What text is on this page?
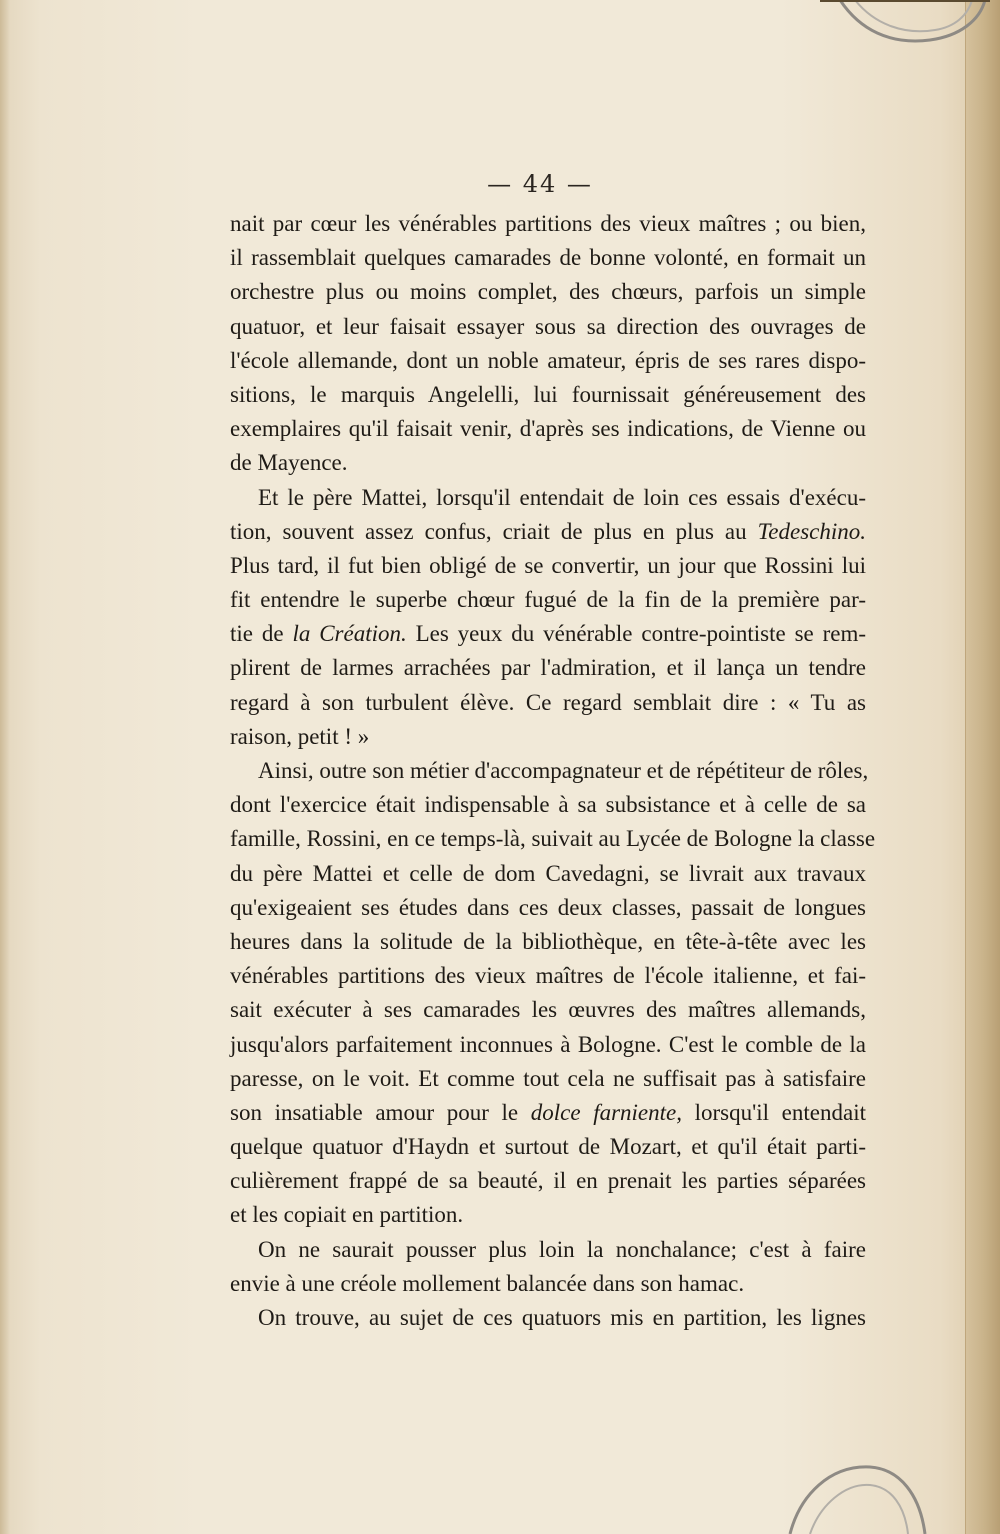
— 44 —

nait par cœur les vénérables partitions des vieux maîtres ; ou bien,
il rassemblait quelques camarades de bonne volonté, en formait un
orchestre plus ou moins complet, des chœurs, parfois un simple
quatuor, et leur faisait essayer sous sa direction des ouvrages de
l'école allemande, dont un noble amateur, épris de ses rares dispo-
sitions, le marquis Angelelli, lui fournissait généreusement des
exemplaires qu'il faisait venir, d'après ses indications, de Vienne ou
de Mayence.

Et le père Mattei, lorsqu'il entendait de loin ces essais d'exécu-
tion, souvent assez confus, criait de plus en plus au Tedeschino.
Plus tard, il fut bien obligé de se convertir, un jour que Rossini lui
fit entendre le superbe chœur fugué de la fin de la première par-
tie de la Création. Les yeux du vénérable contre-pointiste se rem-
plirent de larmes arrachées par l'admiration, et il lança un tendre
regard à son turbulent élève. Ce regard semblait dire : « Tu as
raison, petit ! »

Ainsi, outre son métier d'accompagnateur et de répétiteur de rôles,
dont l'exercice était indispensable à sa subsistance et à celle de sa
famille, Rossini, en ce temps-là, suivait au Lycée de Bologne la classe
du père Mattei et celle de dom Cavedagni, se livrait aux travaux
qu'exigeaient ses études dans ces deux classes, passait de longues
heures dans la solitude de la bibliothèque, en tête-à-tête avec les
vénérables partitions des vieux maîtres de l'école italienne, et fai-
sait exécuter à ses camarades les œuvres des maîtres allemands,
jusqu'alors parfaitement inconnues à Bologne. C'est le comble de la
paresse, on le voit. Et comme tout cela ne suffisait pas à satisfaire
son insatiable amour pour le dolce farniente, lorsqu'il entendait
quelque quatuor d'Haydn et surtout de Mozart, et qu'il était parti-
culièrement frappé de sa beauté, il en prenait les parties séparées
et les copiait en partition.

On ne saurait pousser plus loin la nonchalance; c'est à faire
envie à une créole mollement balancée dans son hamac.

On trouve, au sujet de ces quatuors mis en partition, les lignes
